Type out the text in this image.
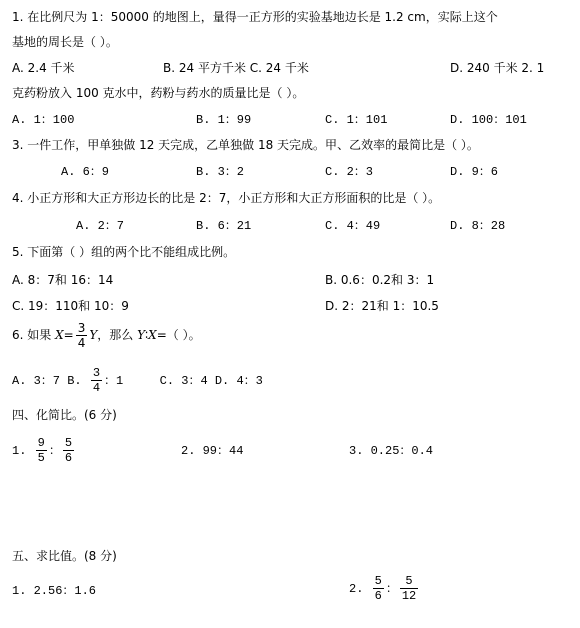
1. 在比例尺为 1：50000 的地图上，量得一正方形的实验基地边长是 1.2 cm，实际上这个
基地的周长是（ ）。
A. 2.4 千米	B. 24 平方千米 C. 24 千米	D. 240 千米 2. 1
克药粉放入 100 克水中，药粉与药水的质量比是（ ）。
A. 1：100	B. 1：99	C. 1：101	D. 100：101
3. 一件工作，甲单独做 12 天完成，乙单独做 18 天完成。甲、乙效率的最简比是（ ）。
A. 6：9	B. 3：2	C. 2：3	D. 9：6
4. 小正方形和大正方形边长的比是 2：7，小正方形和大正方形面积的比是（ ）。
A. 2：7	B. 6：21	C. 4：49	D. 8：28
5. 下面第（ ）组的两个比不能组成比例。
A. 8：7和 16：14	B. 0.6：0.2和 3：1
C. 19：110和 10：9	D. 2：21和 1：10.5
6. 如果 $X= \frac{3}{4}$ Y，那么 Y∶X=（ ）。
A. 3：7 B. $\frac{3}{4}$ ：1	C. 3：4 D. 4：3
四、化简比。(6 分)
1. $\frac{9}{5}$ ： $\frac{5}{6}$	2. 99：44	3. 0.25：0.4
五、求比值。(8 分)
1. 2.56：1.6	2. $\frac{5}{6}$ ： $\frac{5}{12}$
